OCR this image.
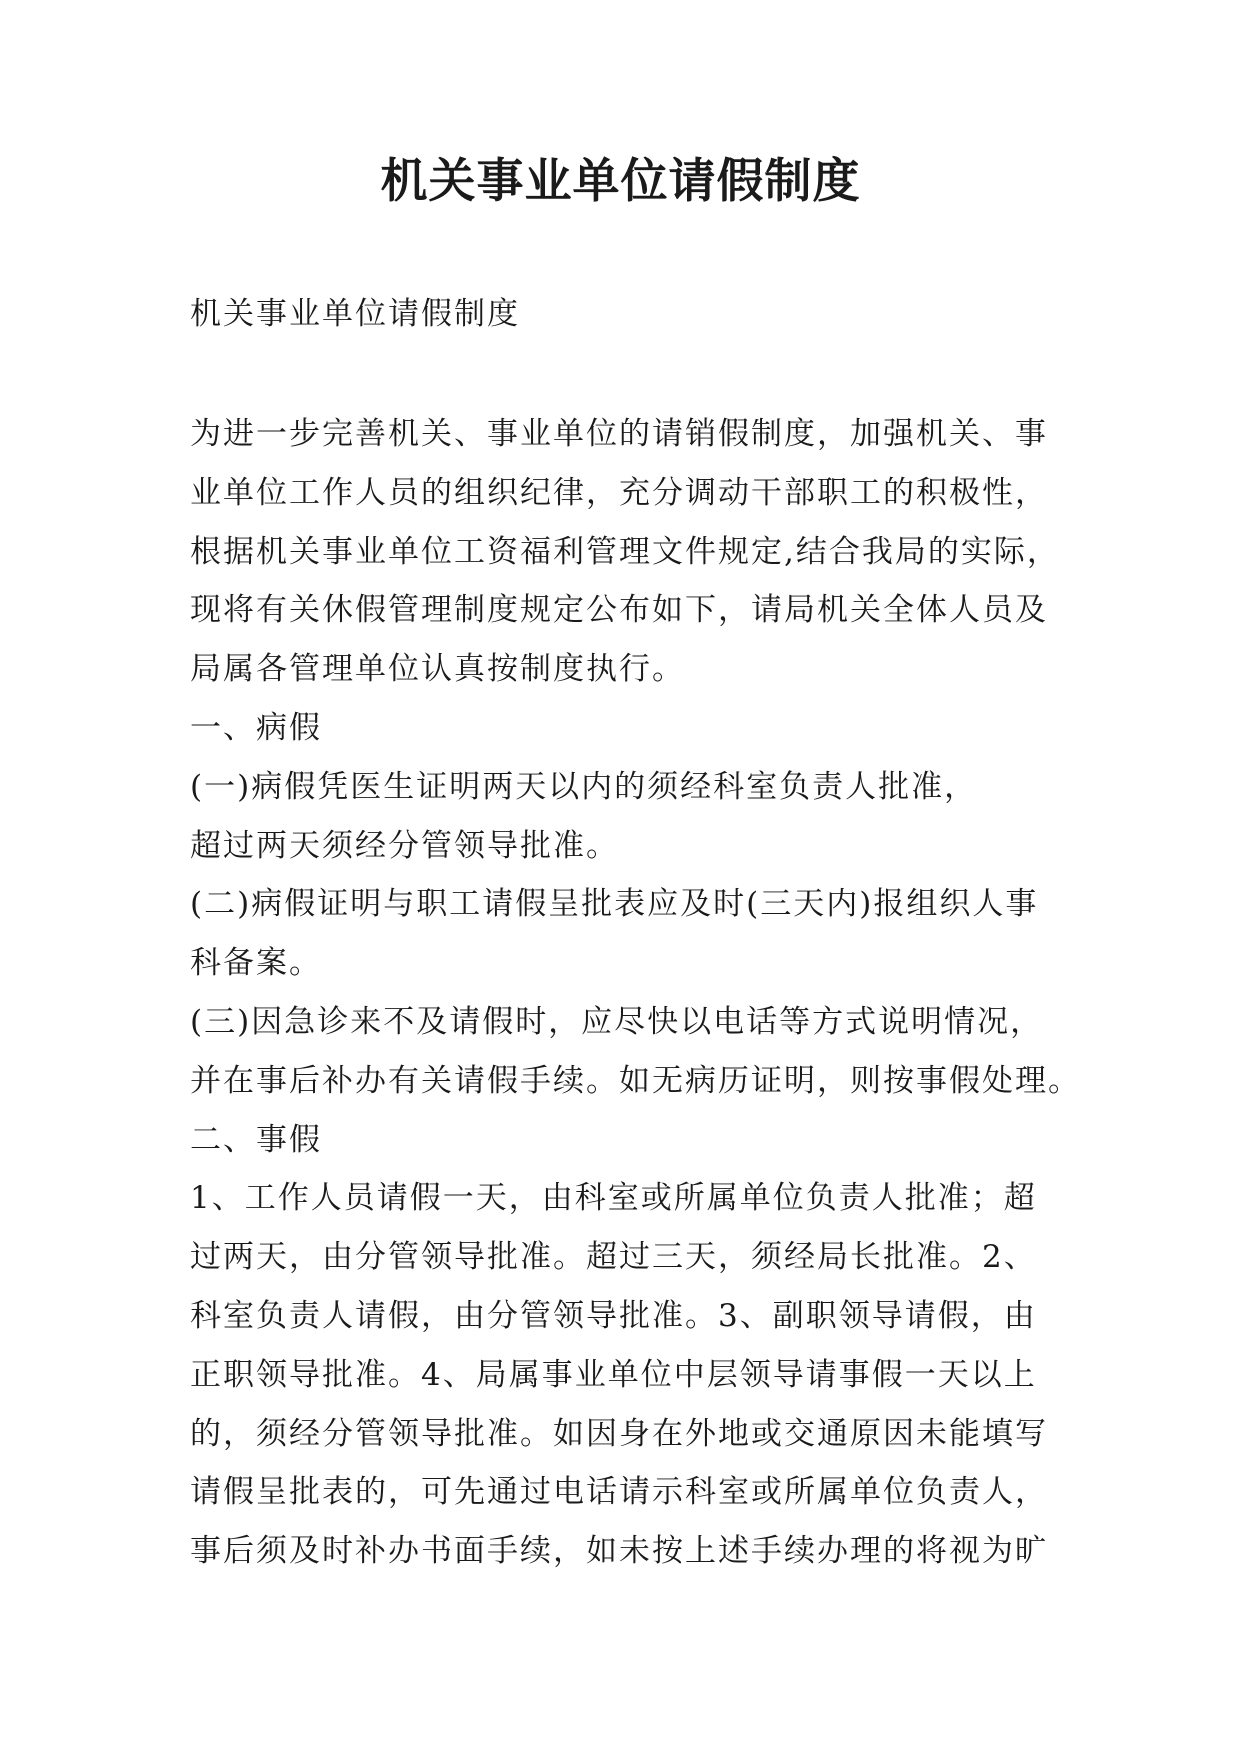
机关事业单位请假制度

机关事业单位请假制度

为进一步完善机关、事业单位的请销假制度，加强机关、事
业单位工作人员的组织纪律，充分调动干部职工的积极性，
根据机关事业单位工资福利管理文件规定,结合我局的实际，
现将有关休假管理制度规定公布如下，请局机关全体人员及
局属各管理单位认真按制度执行。
一、病假
(一)病假凭医生证明两天以内的须经科室负责人批准，
超过两天须经分管领导批准。
(二)病假证明与职工请假呈批表应及时(三天内)报组织人事
科备案。
(三)因急诊来不及请假时，应尽快以电话等方式说明情况，
并在事后补办有关请假手续。如无病历证明，则按事假处理。
二、事假
1、工作人员请假一天，由科室或所属单位负责人批准；超
过两天，由分管领导批准。超过三天，须经局长批准。2、
科室负责人请假，由分管领导批准。3、副职领导请假，由
正职领导批准。4、局属事业单位中层领导请事假一天以上
的，须经分管领导批准。如因身在外地或交通原因未能填写
请假呈批表的，可先通过电话请示科室或所属单位负责人，
事后须及时补办书面手续，如未按上述手续办理的将视为旷
